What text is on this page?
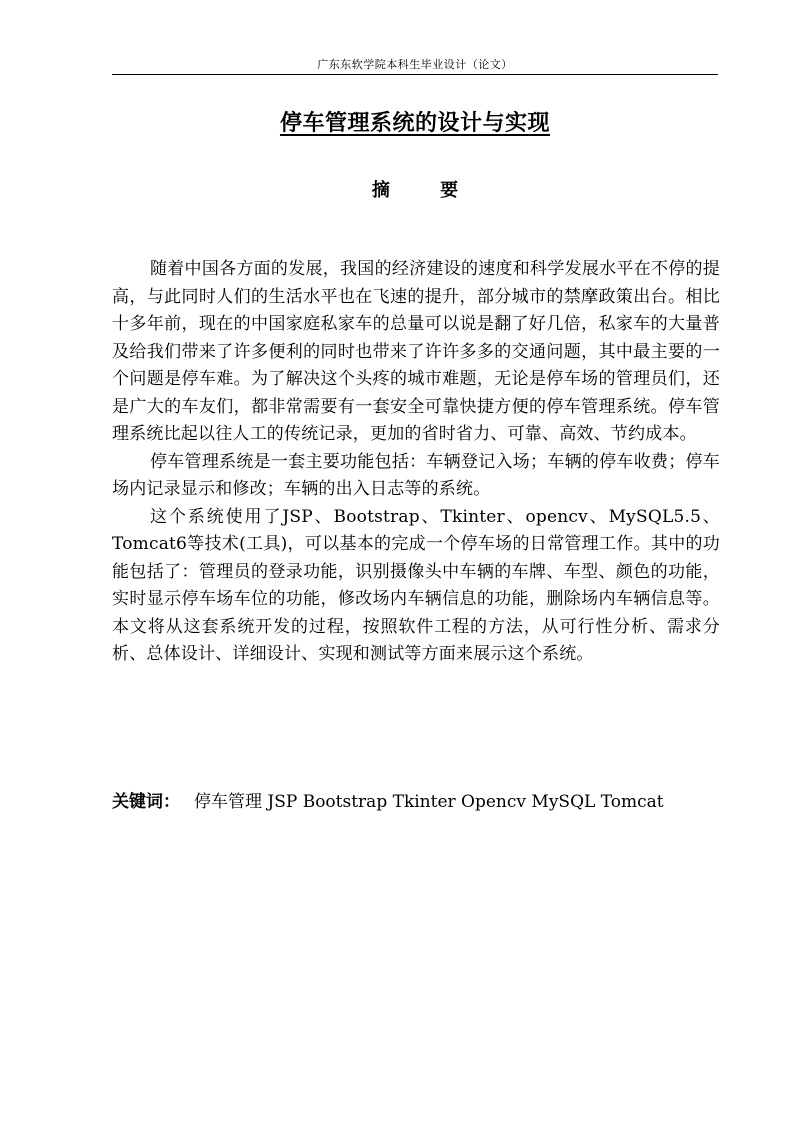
广东东软学院本科生毕业设计（论文）
停车管理系统的设计与实现
摘 要

随着中国各方面的发展，我国的经济建设的速度和科学发展水平在不停的提高，与此同时人们的生活水平也在飞速的提升，部分城市的禁摩政策出台。相比十多年前，现在的中国家庭私家车的总量可以说是翻了好几倍，私家车的大量普及给我们带来了许多便利的同时也带来了许许多多的交通问题，其中最主要的一个问题是停车难。为了解决这个头疼的城市难题，无论是停车场的管理员们，还是广大的车友们，都非常需要有一套安全可靠快捷方便的停车管理系统。停车管理系统比起以往人工的传统记录，更加的省时省力、可靠、高效、节约成本。

停车管理系统是一套主要功能包括：车辆登记入场；车辆的停车收费；停车场内记录显示和修改；车辆的出入日志等的系统。

这个系统使用了JSP、Bootstrap、Tkinter、opencv、MySQL5.5、Tomcat6等技术(工具)，可以基本的完成一个停车场的日常管理工作。其中的功能包括了：管理员的登录功能，识别摄像头中车辆的车牌、车型、颜色的功能，实时显示停车场车位的功能，修改场内车辆信息的功能，删除场内车辆信息等。本文将从这套系统开发的过程，按照软件工程的方法，从可行性分析、需求分析、总体设计、详细设计、实现和测试等方面来展示这个系统。

关键词： 停车管理 JSP Bootstrap Tkinter Opencv MySQL Tomcat
